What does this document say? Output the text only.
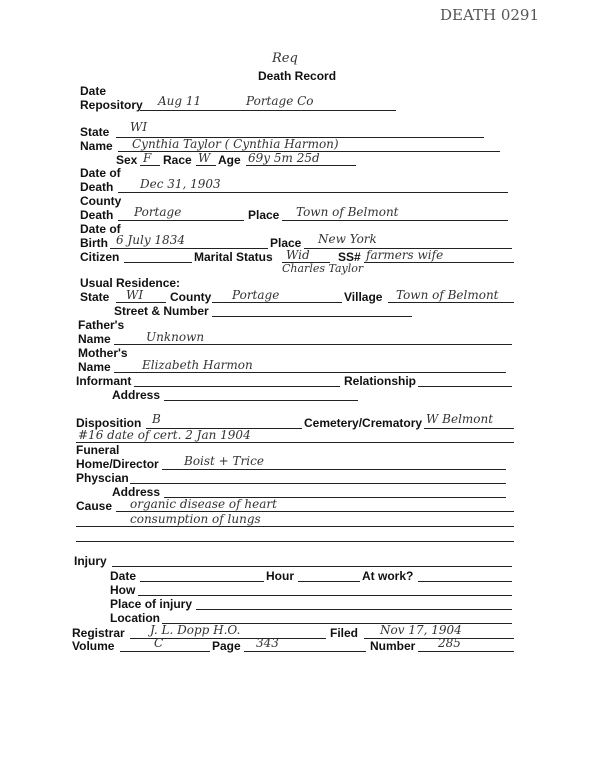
DEATH 0291
Req
Death Record
Date
Repository Aug 11	Portage Co
State WI
Name Cynthia Taylor ( Cynthia Harmon)
Sex F Race W Age 69y 5m 25d
Date of
Death Dec 31, 1903
County
Death Portage	Place Town of Belmont
Date of
Birth 6 July 1834	Place New York
Citizen	Marital Status Wid SS# farmers wife
Charles Taylor
Usual Residence:
State WI County Portage	Village Town of Belmont
Street & Number
Father's
Name	Unknown
Mother's
Name	Elizabeth Harmon
Informant	Relationship
Address
Disposition B	Cemetery/Crematory W Belmont
#16 date of cert. 2 Jan 1904
Funeral
Home/Director Boist + Trice
Physcian
Address
Cause organic disease of heart
consumption of lungs
Injury
Date	Hour	At work?
How
Place of injury
Location
Registrar J. L. Dopp H.O.	Filed Nov 17, 1904
Volume	C	Page 343	Number 285
